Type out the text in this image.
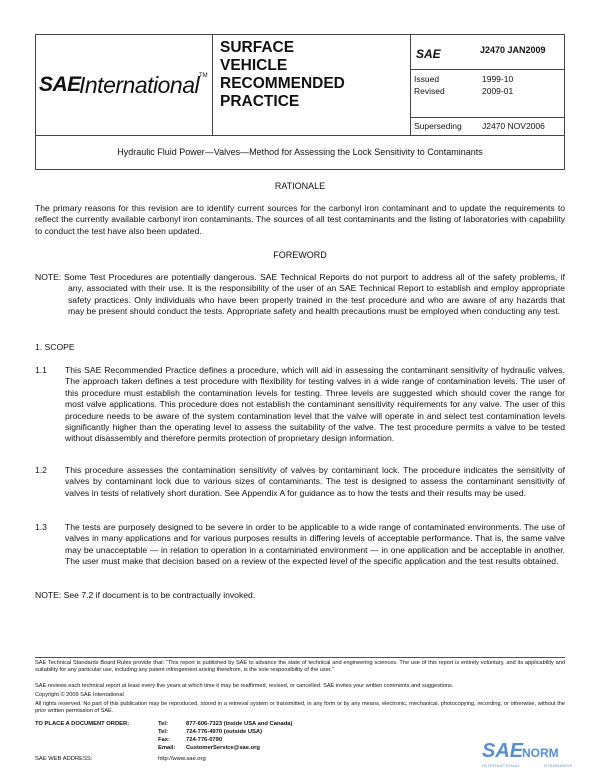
SAE
International TM
SURFACE
VEHICLE
RECOMMENDED
PRACTICE
SAE	J2470 JAN2009
Issued	1999-10
Revised	2009-01
Superseding J2470 NOV2006
Hydraulic Fluid Power—Valves—Method for Assessing the Lock Sensitivity to Contaminants
RATIONALE

The primary reasons for this revision are to identify current sources for the carbonyl iron contaminant and to update the requirements to reflect the currently available carbonyl iron contaminants. The sources of all test contaminants and the listing of laboratories with capability to conduct the test have also been updated.

FOREWORD
NOTE: Some Test Procedures are potentially dangerous. SAE Technical Reports do not purport to address all of the safety problems, if any, associated with their use. It is the responsibility of the user of an SAE Technical Report to establish and employ appropriate safety practices. Only individuals who have been properly trained in the test procedure and who are aware of any hazards that may be present should conduct the tests. Appropriate safety and health precautions must be employed when conducting any test.
1. SCOPE
1.1 This SAE Recommended Practice defines a procedure, which will aid in assessing the contaminant sensitivity of hydraulic valves. The approach taken defines a test procedure with flexibility for testing valves in a wide range of contamination levels. The user of this procedure must establish the contamination levels for testing. Three levels are suggested which should cover the range for most valve applications. This procedure does not establish the contaminant sensitivity requirements for any valve. The user of this procedure needs to be aware of the system contamination level that the valve will operate in and select test contamination levels significantly higher than the operating level to assess the suitability of the valve. The test procedure permits a valve to be tested without disassembly and therefore permits protection of proprietary design information.
1.2 This procedure assesses the contamination sensitivity of valves by contaminant lock. The procedure indicates the sensitivity of valves by contaminant lock due to various sizes of contaminants. The test is designed to assess the contaminant sensitivity of valves in tests of relatively short duration. See Appendix A for guidance as to how the tests and their results may be used.
1.3 The tests are purposely designed to be severe in order to be applicable to a wide range of contaminated environments. The use of valves in many applications and for various purposes results in differing levels of acceptable performance. That is, the same valve may be unacceptable — in relation to operation in a contaminated environment — in one application and be acceptable in another. The user must make that decision based on a review of the expected level of the specific application and the test results obtained.
NOTE: See 7.2 if document is to be contractually invoked.

SAE Technical Standards Board Rules provide that: “This report is published by SAE to advance the state of technical and engineering sciences. The use of this report is entirely voluntary, and its applicability and suitability for any particular use, including any patent infringement arising therefrom, is the sole responsibility of the user.”

SAE reviews each technical report at least every five years at which time it may be reaffirmed, revised, or cancelled. SAE invites your written comments and suggestions.

Copyright © 2009 SAE International

All rights reserved. No part of this publication may be reproduced, stored in a retrieval system or transmitted, in any form or by any means, electronic, mechanical, photocopying, recording, or otherwise, without the prior written permission of SAE.

TO PLACE A DOCUMENT ORDER:	Tel:	877-606-7323 (inside USA and Canada)
Tel:	724-776-4970 (outside USA)
Fax:	724-776-0790
Email: CustomerService@sae.org
SAE WEB ADDRESS:	http://www.sae.org	SAE
NORM
INTERNATIONAL	STANDARDS
